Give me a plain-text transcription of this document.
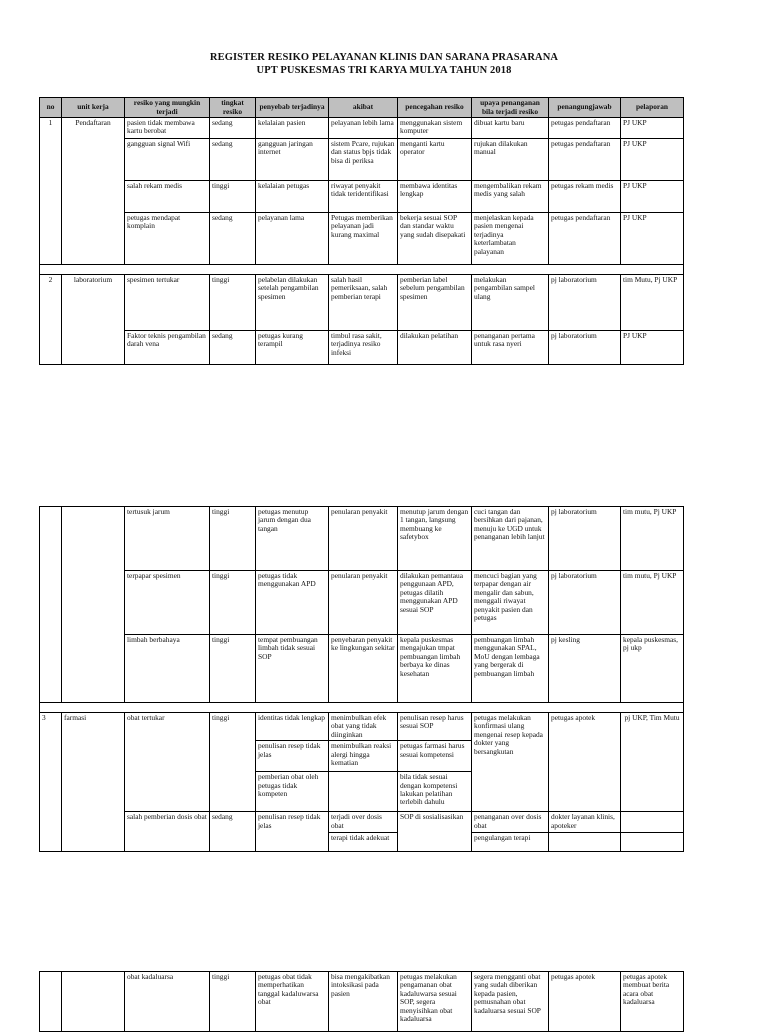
REGISTER RESIKO PELAYANAN KLINIS DAN SARANA PRASARANA
UPT PUSKESMAS TRI KARYA MULYA TAHUN 2018
no	unit kerja	resiko yang mungkin terjadi	tingkat resiko	penyebab terjadinya	akibat	pencegahan resiko	upaya penanganan bila terjadi resiko	penangungjawab	pelaporan
1	Pendaftaran	pasien tidak membawa kartu berobat	sedang	kelalaian pasien	pelayanan lebih lama	menggunakan sistem komputer	dibuat kartu baru	petugas pendaftaran	PJ UKP
		gangguan signal Wifi	sedang	gangguan jaringan internet	sistem Pcare, rujukan dan status bpjs tidak bisa di periksa	menganti kartu operator	rujukan dilakukan manual	petugas pendaftaran	PJ UKP
		salah rekam medis	tinggi	kelalaian petugas	riwayat penyakit tidak teridentifikasi	membawa identitas lengkap	mengembalikan rekam medis yang salah	petugas rekam medis	PJ UKP
		petugas mendapat komplain	sedang	pelayanan lama	Petugas memberikan pelayanan jadi kurang maximal	bekerja sesuai SOP dan standar waktu yang sudah disepakati	menjelaskan kepada pasien mengenai terjadinya keterlambatan palayanan	petugas pendaftaran	PJ UKP

2	laboratorium	spesimen tertukar	tinggi	pelabelan dilakukan setelah pengambilan spesimen	salah hasil pemeriksaan, salah pemberian terapi	pemberian label sebelum pengambilan spesimen	melakukan pengambilan sampel ulang	pj laboratorium	tim Mutu, Pj UKP
		Faktor teknis pengambilan darah vena	sedang	petugas kurang terampil	timbul rasa sakit, terjadinya resiko infeksi	dilakukan pelatihan	penanganan pertama untuk rasa nyeri	pj laboratorium	PJ UKP
		tertusuk jarum	tinggi	petugas menutup jarum dengan dua tangan	penularan penyakit	menutup jarum dengan 1 tangan, langsung membuang ke safetybox	cuci tangan dan bersihkan dari pajanan, menuju ke UGD untuk penanganan lebih lanjut	pj laboratorium	tim mutu, Pj UKP
		terpapar spesimen	tinggi	petugas tidak menggunakan APD	penularan penyakit	dilakukan pemantaua penggunaan APD, petugas dilatih menggunakan APD sesuai SOP	mencuci bagian yang terpapar dengan air mengalir dan sabun, menggali riwayat penyakit pasien dan petugas	pj laboratorium	tim mutu, Pj UKP
		limbah berbahaya	tinggi	tempat pembuangan limbah tidak sesuai SOP	penyebaran penyakit ke lingkungan sekitar	kepala puskesmas mengajukan tmpat pembuangan limbah berbaya ke dinas kesehatan	pembuangan limbah menggunakan SPAL, MoU dengan lembaga yang bergerak di pembuangan limbah	pj kesling	kepala puskesmas, pj ukp

3	farmasi	obat tertukar	tinggi	identitas tidak lengkap	menimbulkan efek obat yang tidak diinginkan	penulisan resep harus sesuai SOP	petugas melakukan konfirmasi ulang mengenai resep kepada dokter yang bersangkutan	petugas apotek	pj UKP, Tim Mutu
				penulisan resep tidak jelas	menimbulkan reaksi alergi hingga kematian	petugas farmasi harus sesuai kompetensi			
				pemberian obat oleh petugas tidak kompeten		bila tidak sesuai dengan kompetensi lakukan pelatihan terlebih dahulu			
		salah pemberian dosis obat	sedang	penulisan resep tidak jelas	terjadi over dosis obat	SOP di sosialisasikan	penanganan over dosis obat	dokter layanan klinis, apoteker	
					terapi tidak adekuat		pengulangan terapi		
		obat kadaluarsa	tinggi	petugas obat tidak memperhatikan tanggal kadaluwarsa obat	bisa mengakibatkan intoksikasi pada pasien	petugas melakukan pengamanan obat kadaluwarsa sesuai SOP, segera menyisihkan obat kadaluarsa	segera mengganti obat yang sudah diberikan kepada pasien, pemusnahan obat kadaluarsa sesuai SOP	petugas apotek	petugas apotek membuat berita acara obat kadaluarsa
